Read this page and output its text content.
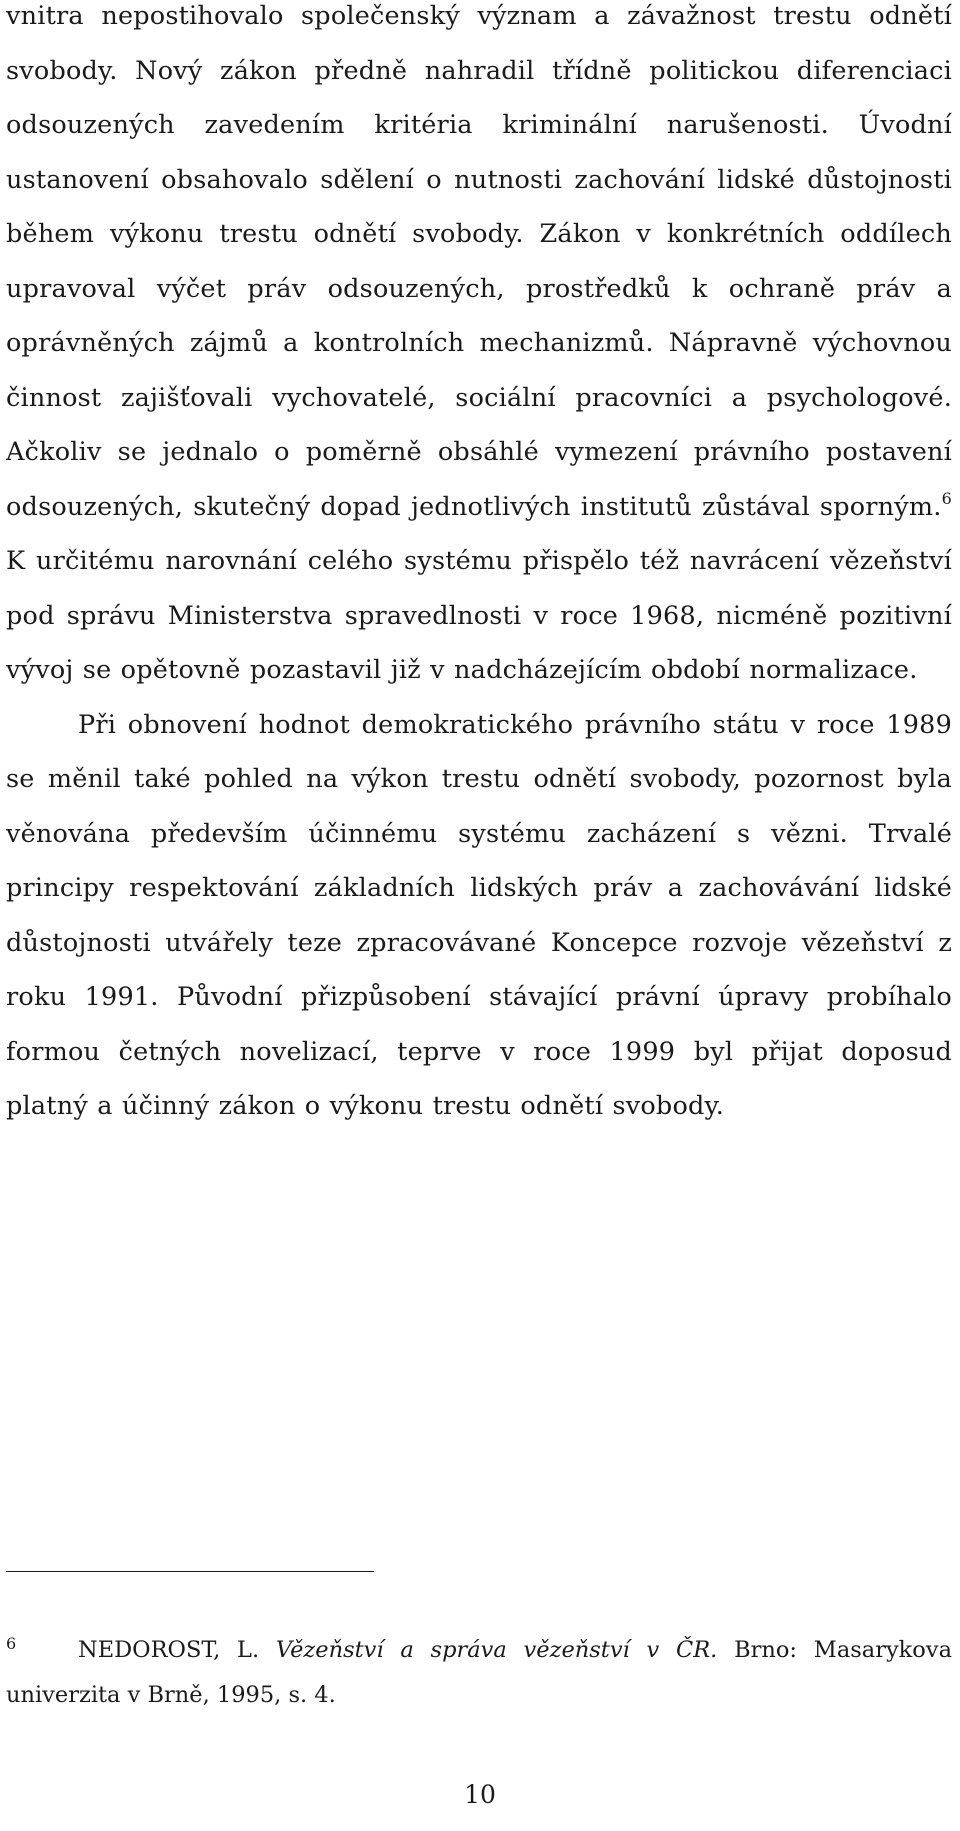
vnitra nepostihovalo společenský význam a závažnost trestu odnětí svobody. Nový zákon předně nahradil třídně politickou diferenciaci odsouzených zavedením kritéria kriminální narušenosti. Úvodní ustanovení obsahovalo sdělení o nutnosti zachování lidské důstojnosti během výkonu trestu odnětí svobody. Zákon v konkrétních oddílech upravoval výčet práv odsouzených, prostředků k ochraně práv a oprávněných zájmů a kontrolních mechanizmů. Nápravně výchovnou činnost zajišťovali vychovatelé, sociální pracovníci a psychologové. Ačkoliv se jednalo o poměrně obsáhlé vymezení právního postavení odsouzených, skutečný dopad jednotlivých institutů zůstával sporným.$^6$ K určitému narovnání celého systému přispělo též navrácení vězeňství pod správu Ministerstva spravedlnosti v roce 1968, nicméně pozitivní vývoj se opětovně pozastavil již v nadcházejícím období normalizace.

Při obnovení hodnot demokratického právního státu v roce 1989 se měnil také pohled na výkon trestu odnětí svobody, pozornost byla věnována především účinnému systému zacházení s vězni. Trvalé principy respektování základních lidských práv a zachovávání lidské důstojnosti utvářely teze zpracovávané Koncepce rozvoje vězeňství z roku 1991. Původní přizpůsobení stávající právní úpravy probíhalo formou četných novelizací, teprve v roce 1999 byl přijat doposud platný a účinný zákon o výkonu trestu odnětí svobody.

6	NEDOROST, L. Vězeňství a správa vězeňství v ČR. Brno: Masarykova univerzita v Brně, 1995, s. 4.
10
